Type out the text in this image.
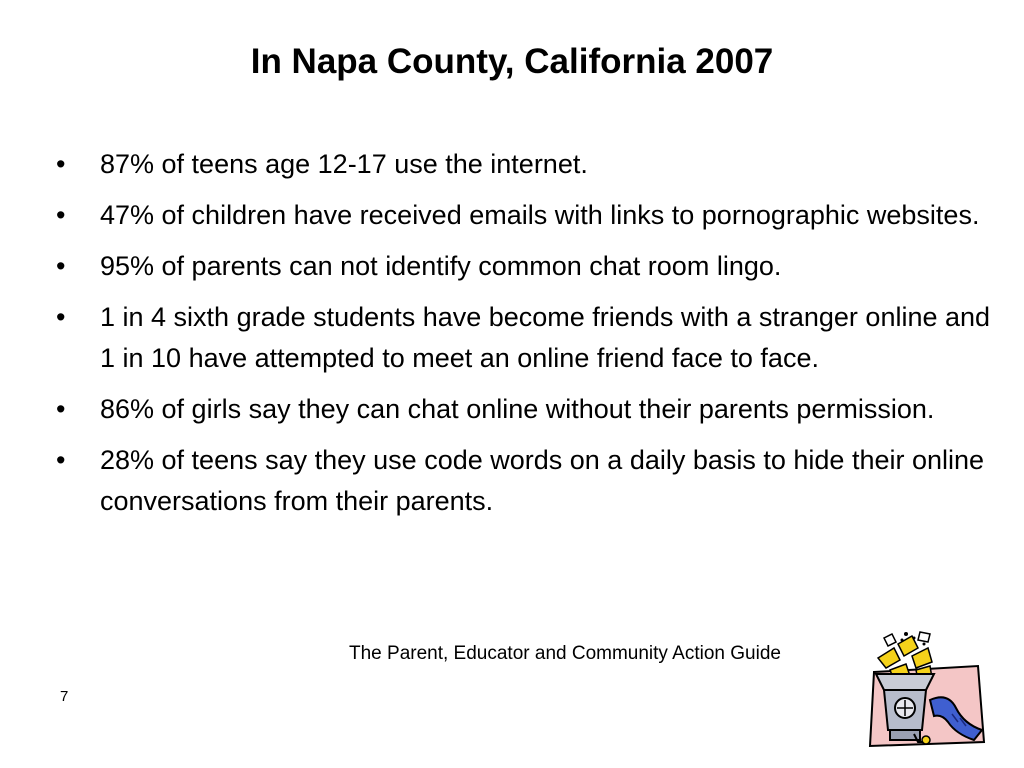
In Napa County, California 2007
•	87% of teens age 12-17 use the internet.
•	47% of children have received emails with links to pornographic websites.
•	95% of parents can not identify common chat room lingo.
•	1 in 4 sixth grade students have become friends with a stranger online and 1 in 10 have attempted to meet an online friend face to face.
•	86% of girls say they can chat online without their parents permission.
•	28% of teens say they use code words on a daily basis to hide their online conversations from their parents.
The Parent, Educator and Community Action Guide
7
